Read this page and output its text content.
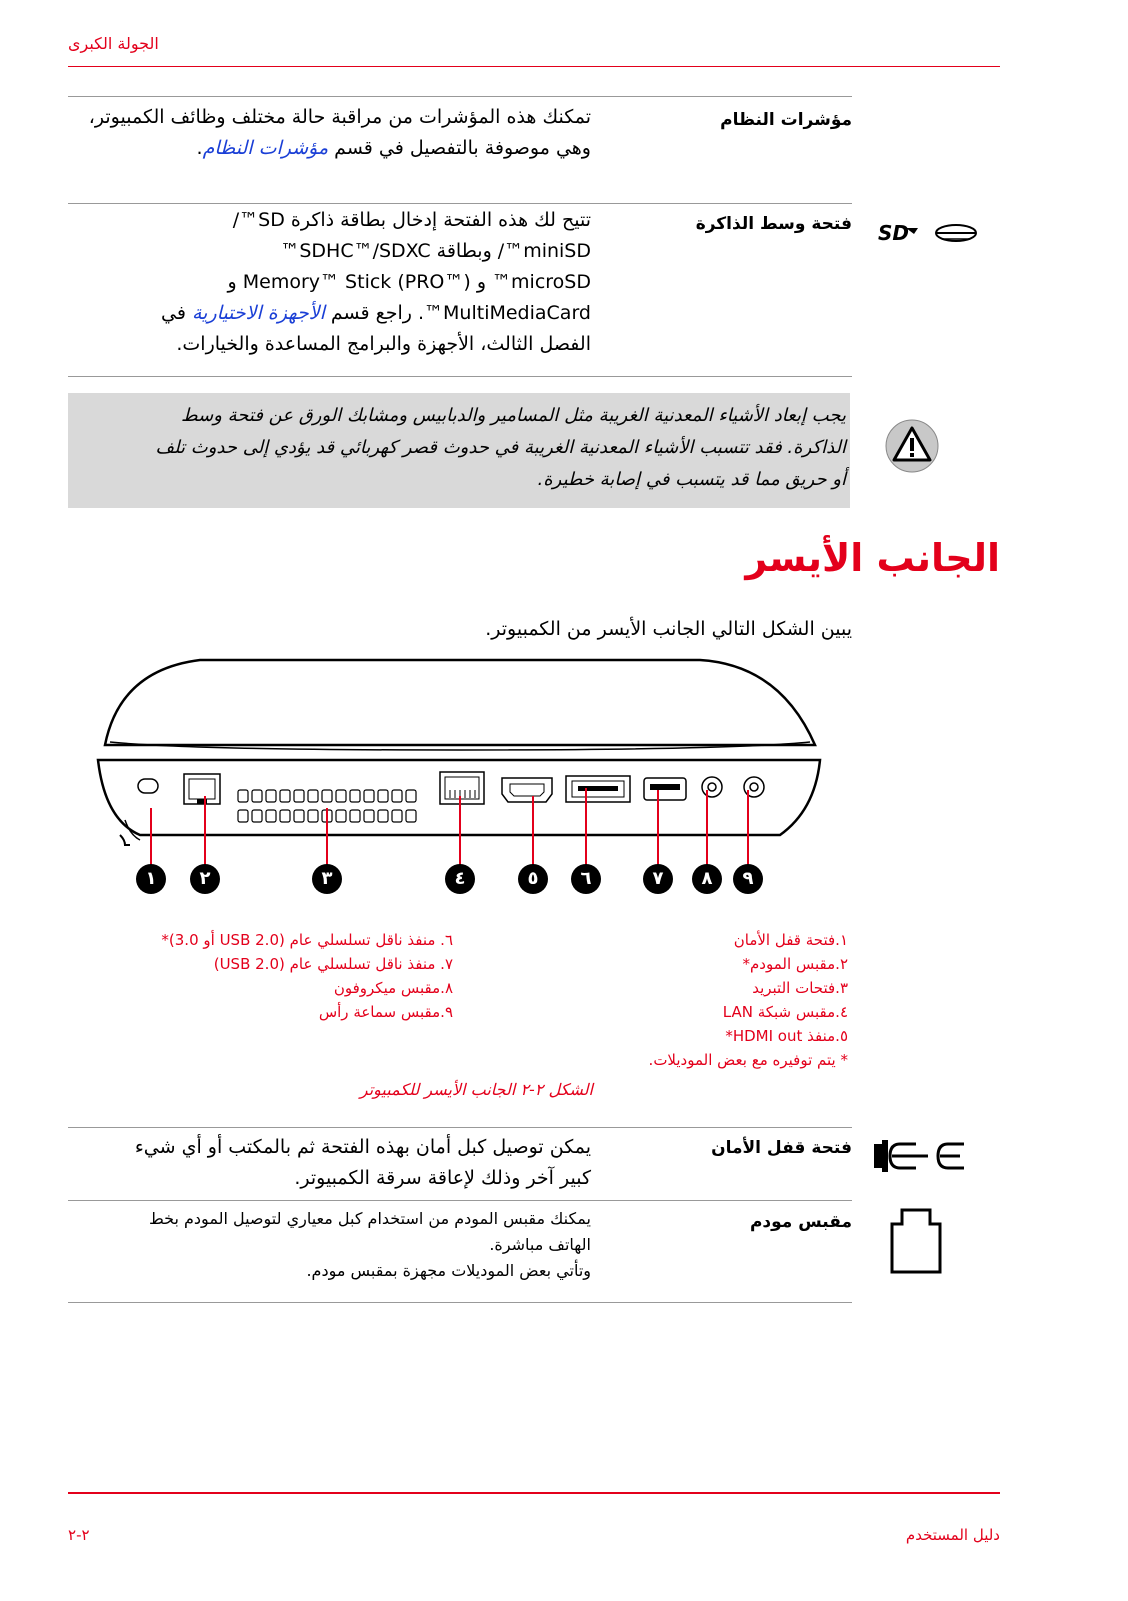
الجولة الكبرى
مؤشرات النظام
تمكنك هذه المؤشرات من مراقبة حالة مختلف وظائف الكمبيوتر، وهي موصوفة بالتفصيل في قسم مؤشرات النظام.
SD
فتحة وسط الذاكرة
تتيح لك هذه الفتحة إدخال بطاقة ذاكرة SD™/
miniSD™/ وبطاقة SDHC™/SDXC™
microSD™ و Memory™ Stick (PRO™) و
MultiMediaCard™. راجع قسم الأجهزة الاختيارية في
الفصل الثالث، الأجهزة والبرامج المساعدة والخيارات.
يجب إبعاد الأشياء المعدنية الغريبة مثل المسامير والدبابيس ومشابك الورق عن فتحة وسط
الذاكرة. فقد تتسبب الأشياء المعدنية الغريبة في حدوث قصر كهربائي قد يؤدي إلى حدوث تلف
أو حريق مما قد يتسبب في إصابة خطيرة.
الجانب الأيسر
يبين الشكل التالي الجانب الأيسر من الكمبيوتر.
١	٢	٣	٤	٥	٦	٧	٨	٩
١.فتحة قفل الأمان
٢.مقبس المودم*
٣.فتحات التبريد
٤.مقبس شبكة LAN
٥.منفذ HDMI out*
* يتم توفيره مع بعض الموديلات.
٦. منفذ ناقل تسلسلي عام (USB 2.0 أو 3.0)*
٧. منفذ ناقل تسلسلي عام (USB 2.0)
٨.مقبس ميكروفون
٩.مقبس سماعة رأس
الشكل ٢-٢ الجانب الأيسر للكمبيوتر
فتحة قفل الأمان
يمكن توصيل كبل أمان بهذه الفتحة ثم بالمكتب أو أي شيء
كبير آخر وذلك لإعاقة سرقة الكمبيوتر.
مقبس مودم
يمكنك مقبس المودم من استخدام كبل معياري لتوصيل المودم بخط
الهاتف مباشرة.
وتأتي بعض الموديلات مجهزة بمقبس مودم.
٢-٢	دليل المستخدم
